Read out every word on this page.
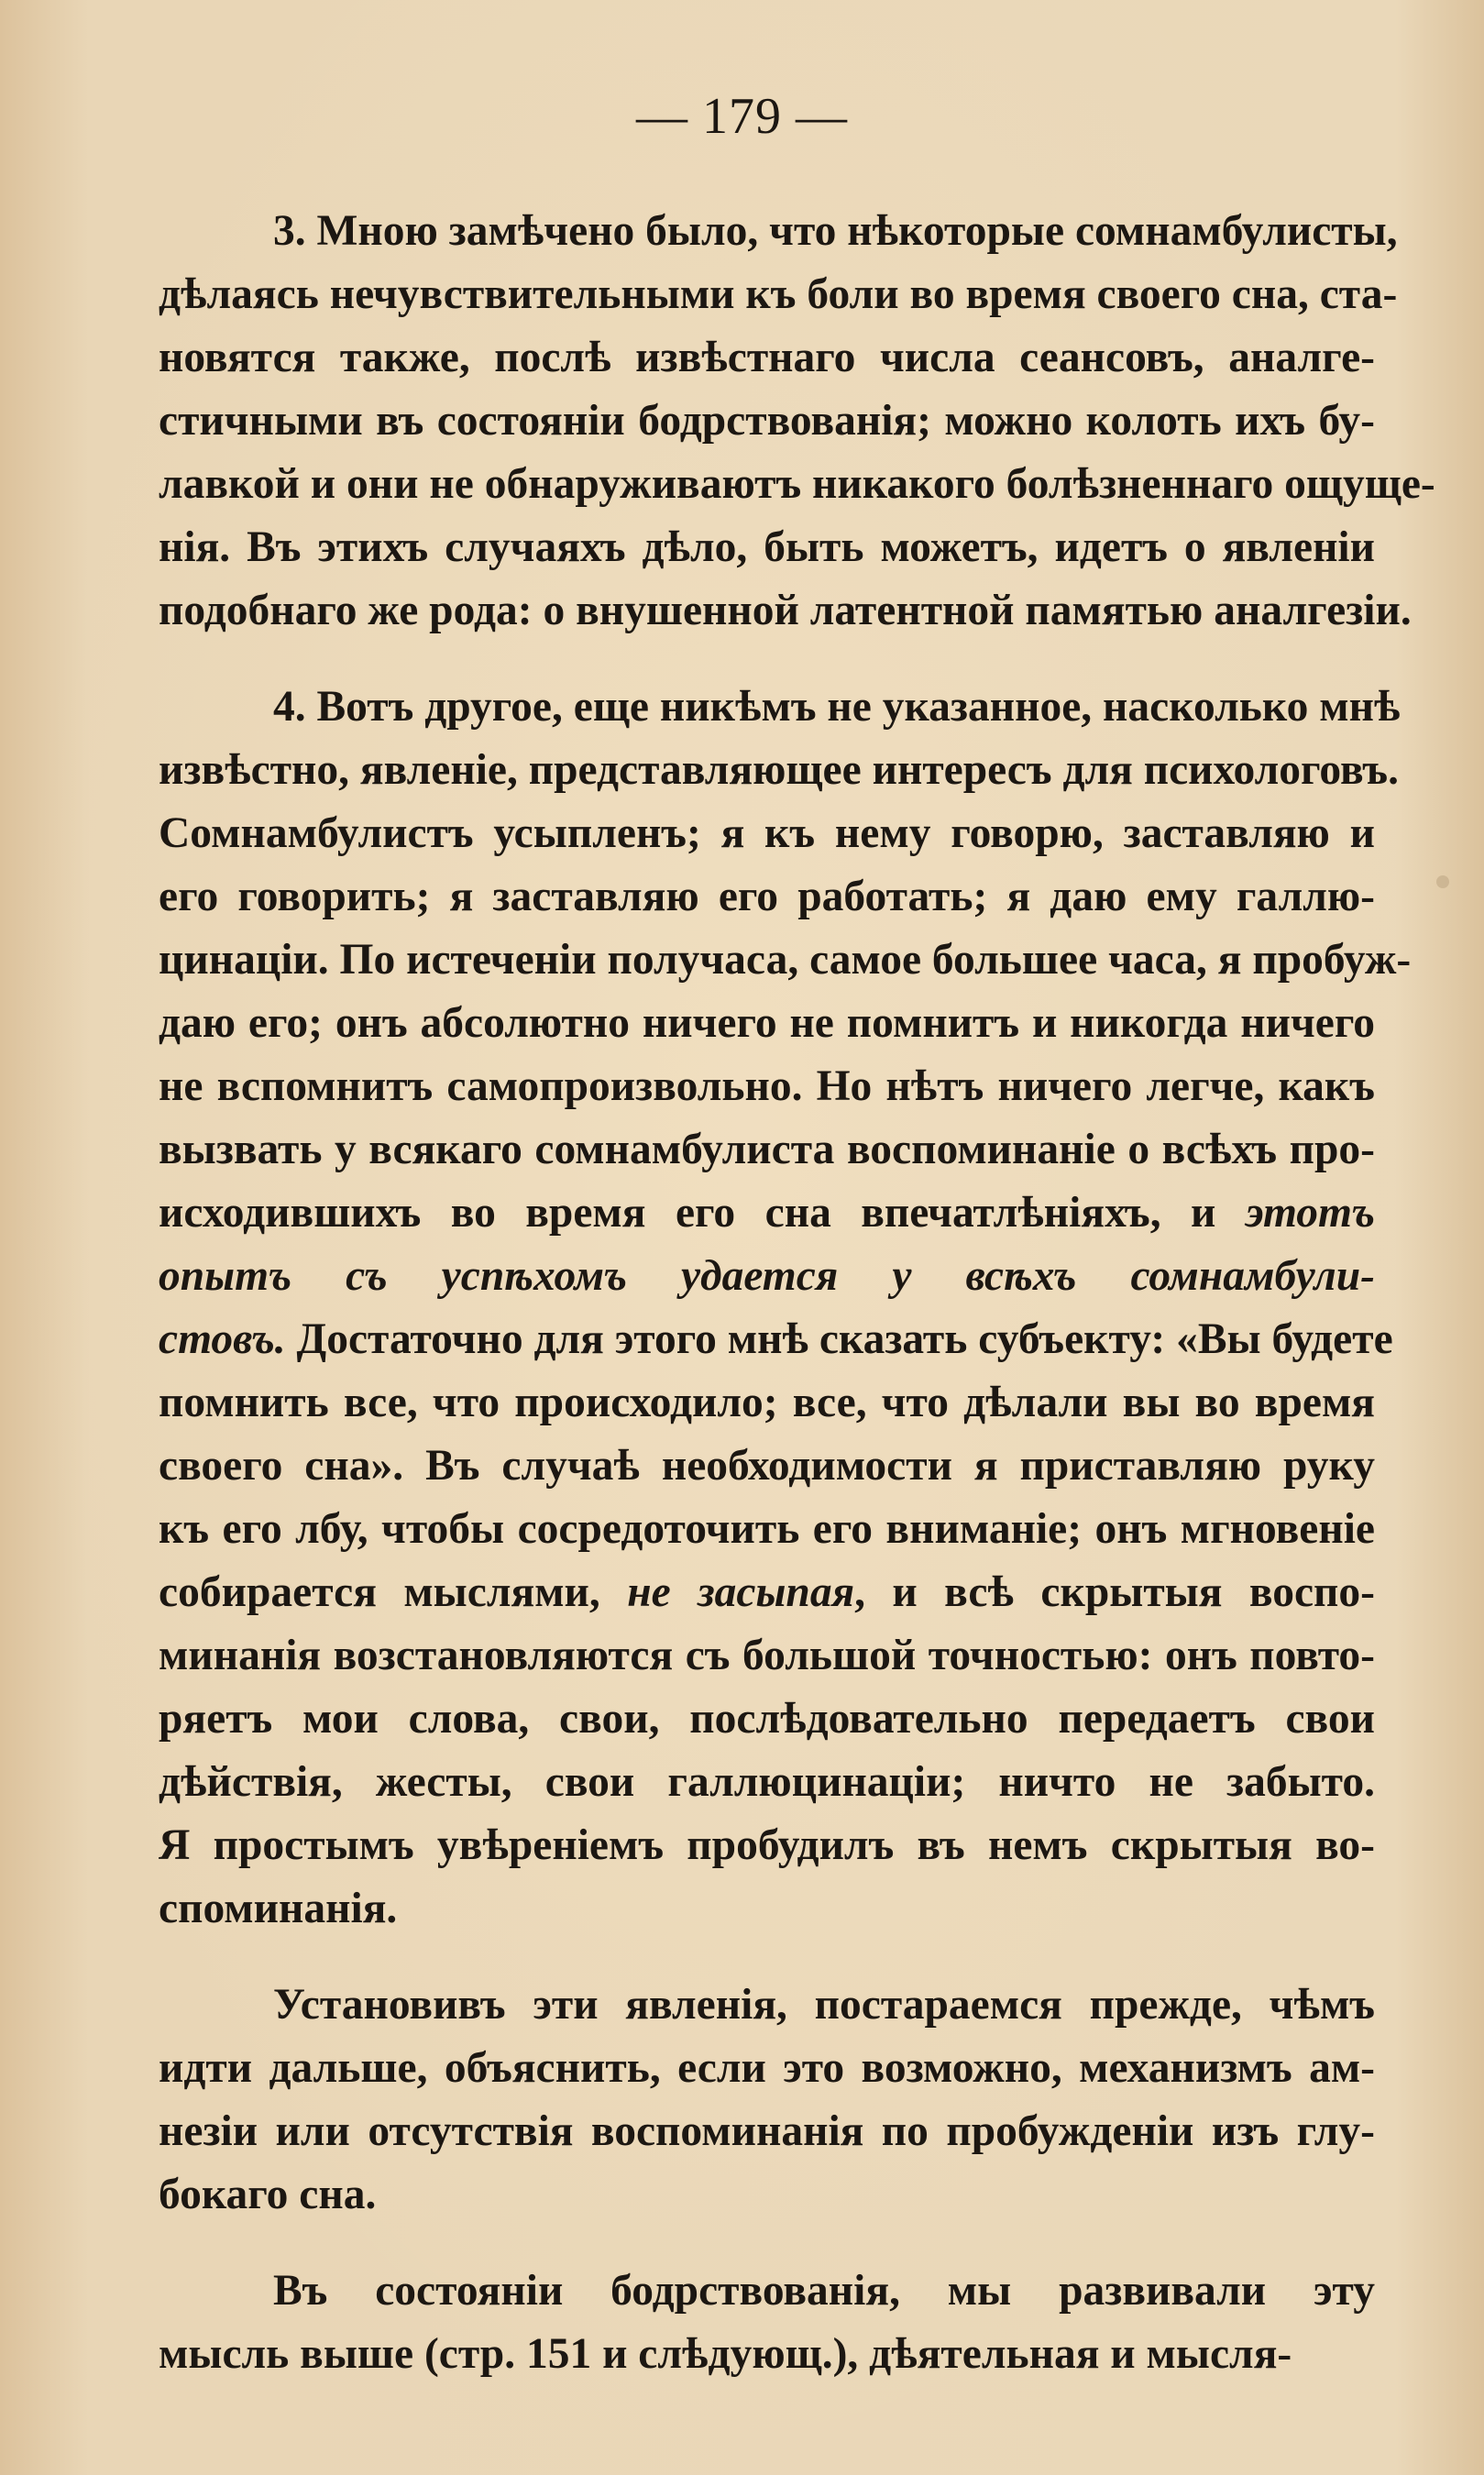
— 179 —
3. Мною замѣчено было, что нѣкоторые сомнамбулисты,
дѣлаясь нечувствительными къ боли во время своего сна, ста-
новятся также, послѣ извѣстнаго числа сеансовъ, аналге-
стичными въ состояніи бодрствованія; можно колоть ихъ бу-
лавкой и они не обнаруживаютъ никакого болѣзненнаго ощуще-
нія. Въ этихъ случаяхъ дѣло, быть можетъ, идетъ о явленіи
подобнаго же рода: о внушенной латентной памятью аналгезіи.
4. Вотъ другое, еще никѣмъ не указанное, насколько мнѣ
извѣстно, явленіе, представляющее интересъ для психологовъ.
Сомнамбулистъ усыпленъ; я къ нему говорю, заставляю и
его говорить; я заставляю его работать; я даю ему галлю-
цинаціи. По истеченіи получаса, самое большее часа, я пробуж-
даю его; онъ абсолютно ничего не помнитъ и никогда ничего
не вспомнитъ самопроизвольно. Но нѣтъ ничего легче, какъ
вызвать у всякаго сомнамбулиста воспоминаніе о всѣхъ про-
исходившихъ во время его сна впечатлѣніяхъ, и этотъ
опытъ съ успѣхомъ удается у всѣхъ сомнамбули-
стовъ. Достаточно для этого мнѣ сказать субъекту: «Вы будете
помнить все, что происходило; все, что дѣлали вы во время
своего сна». Въ случаѣ необходимости я приставляю руку
къ его лбу, чтобы сосредоточить его вниманіе; онъ мгновеніе
собирается мыслями, не засыпая, и всѣ скрытыя воспо-
минанія возстановляются съ большой точностью: онъ повто-
ряетъ мои слова, свои, послѣдовательно передаетъ свои
дѣйствія, жесты, свои галлюцинаціи; ничто не забыто.
Я простымъ увѣреніемъ пробудилъ въ немъ скрытыя во-
споминанія.
Установивъ эти явленія, постараемся прежде, чѣмъ
идти дальше, объяснить, если это возможно, механизмъ ам-
незіи или отсутствія воспоминанія по пробужденіи изъ глу-
бокаго сна.
Въ состояніи бодрствованія, мы развивали эту
мысль выше (стр. 151 и слѣдующ.), дѣятельная и мысля-
